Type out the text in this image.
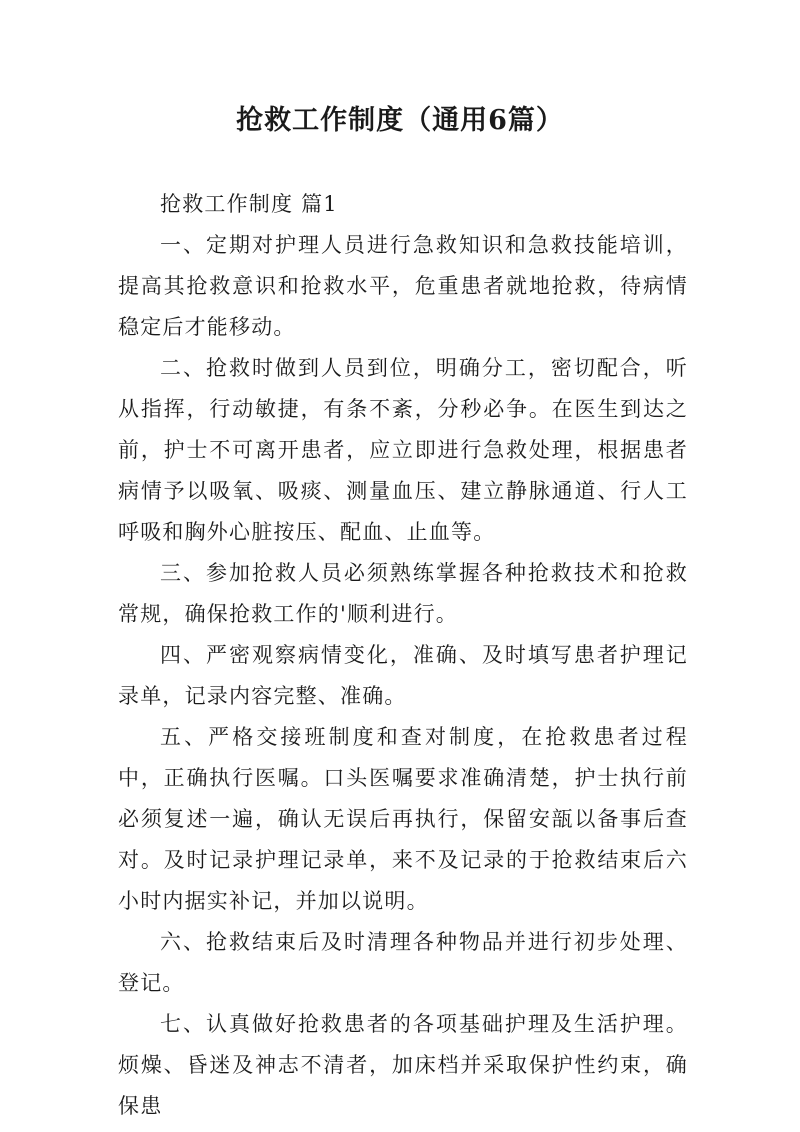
抢救工作制度（通用6篇）

抢救工作制度 篇1

一、定期对护理人员进行急救知识和急救技能培训，提高其抢救意识和抢救水平，危重患者就地抢救，待病情稳定后才能移动。

二、抢救时做到人员到位，明确分工，密切配合，听从指挥，行动敏捷，有条不紊，分秒必争。在医生到达之前，护士不可离开患者，应立即进行急救处理，根据患者病情予以吸氧、吸痰、测量血压、建立静脉通道、行人工呼吸和胸外心脏按压、配血、止血等。

三、参加抢救人员必须熟练掌握各种抢救技术和抢救常规，确保抢救工作的'顺利进行。

四、严密观察病情变化，准确、及时填写患者护理记录单，记录内容完整、准确。

五、严格交接班制度和查对制度，在抢救患者过程中，正确执行医嘱。口头医嘱要求准确清楚，护士执行前必须复述一遍，确认无误后再执行，保留安瓿以备事后查对。及时记录护理记录单，来不及记录的于抢救结束后六小时内据实补记，并加以说明。

六、抢救结束后及时清理各种物品并进行初步处理、登记。

七、认真做好抢救患者的各项基础护理及生活护理。烦燥、昏迷及神志不清者，加床档并采取保护性约束，确保患
